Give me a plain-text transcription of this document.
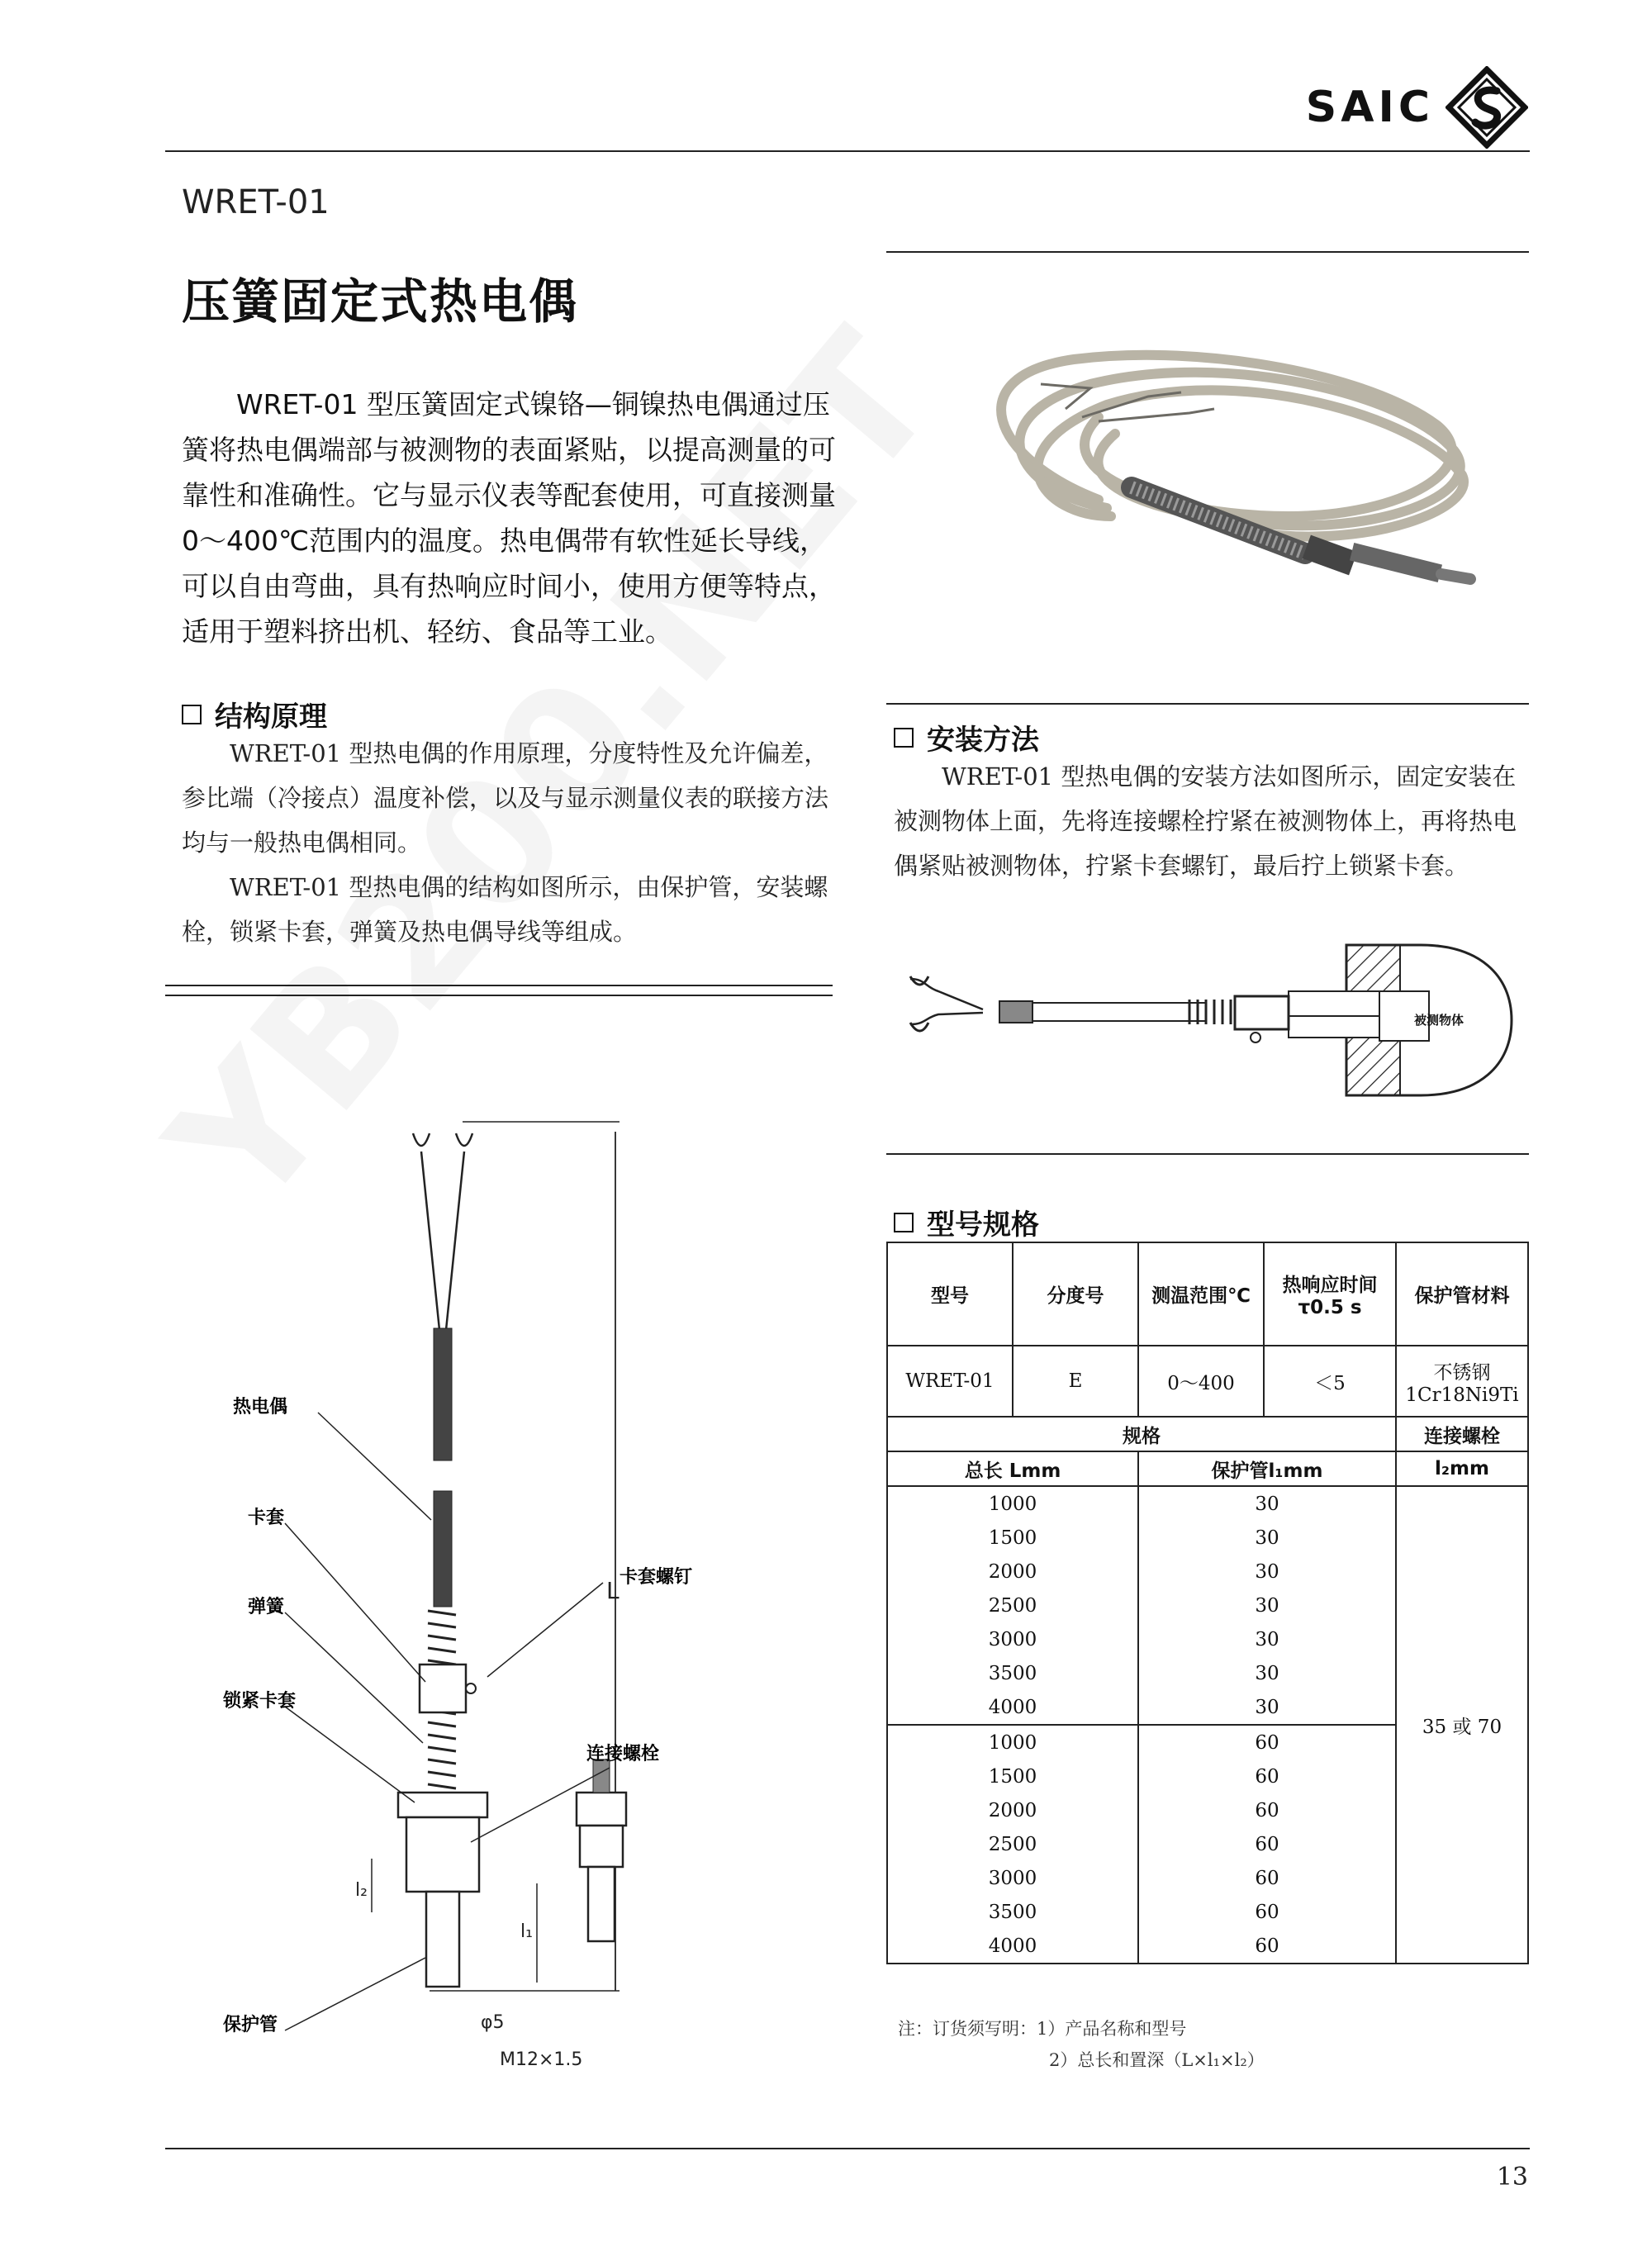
SAIC
WRET-01
压簧固定式热电偶
WRET-01 型压簧固定式镍铬—铜镍热电偶通过压簧将热电偶端部与被测物的表面紧贴，以提高测量的可靠性和准确性。它与显示仪表等配套使用，可直接测量0～400℃范围内的温度。热电偶带有软性延长导线，可以自由弯曲，具有热响应时间小，使用方便等特点，适用于塑料挤出机、轻纺、食品等工业。
结构原理
WRET-01 型热电偶的作用原理，分度特性及允许偏差，参比端（冷接点）温度补偿，以及与显示测量仪表的联接方法均与一般热电偶相同。
WRET-01 型热电偶的结构如图所示，由保护管，安装螺栓，锁紧卡套，弹簧及热电偶导线等组成。
安装方法
WRET-01 型热电偶的安装方法如图所示，固定安装在被测物体上面，先将连接螺栓拧紧在被测物体上，再将热电偶紧贴被测物体，拧紧卡套螺钉，最后拧上锁紧卡套。
被测物体
型号规格
型号	分度号	测温范围℃	热响应时间τ0.5 s	保护管材料
WRET-01	E	0～400	＜5	不锈钢
1Cr18Ni9Ti

规格				连接螺栓
总长 Lmm		保护管l₁mm		l₂mm
1000		30		35 或 70
1500		30		
2000		30		
2500		30		
3000		30		
3500		30		
4000		30		
1000		60		
1500		60		
2000		60		
2500		60		
3000		60		
3500		60		
4000		60		
注：订货须写明：1）产品名称和型号
2）总长和置深（L×l₁×l₂）
热电偶
卡套
弹簧
锁紧卡套
卡套螺钉
连接螺栓
保护管
L
l₂
l₁
φ5
M12×1.5
13
